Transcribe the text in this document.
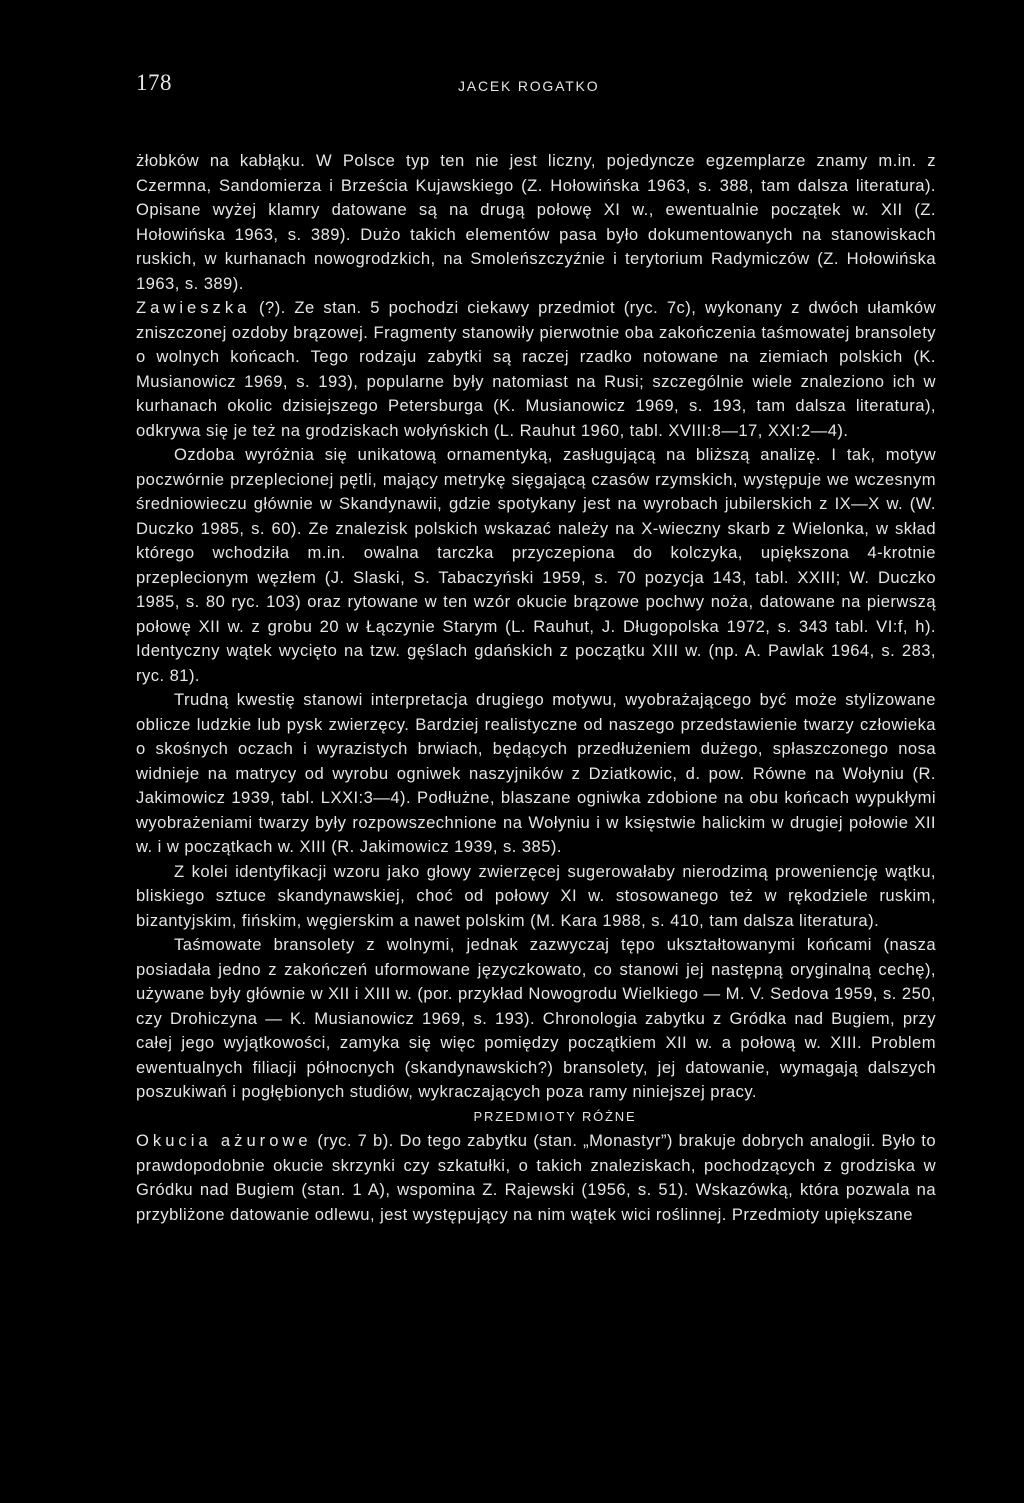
178	JACEK ROGATKO

żłobków na kabłąku. W Polsce typ ten nie jest liczny, pojedyncze egzemplarze znamy m.in. z Czermna, Sandomierza i Brześcia Kujawskiego (Z. Hołowińska 1963, s. 388, tam dalsza literatura). Opisane wyżej klamry datowane są na drugą połowę XI w., ewentualnie początek w. XII (Z. Hołowińska 1963, s. 389). Dużo takich elementów pasa było dokumentowanych na stanowiskach ruskich, w kurhanach nowogrodzkich, na Smoleńszczyźnie i terytorium Radymiczów (Z. Hołowińska 1963, s. 389).

Zawieszka (?). Ze stan. 5 pochodzi ciekawy przedmiot (ryc. 7c), wykonany z dwóch ułamków zniszczonej ozdoby brązowej. Fragmenty stanowiły pierwotnie oba zakończenia taśmowatej bransolety o wolnych końcach. Tego rodzaju zabytki są raczej rzadko notowane na ziemiach polskich (K. Musianowicz 1969, s. 193), popularne były natomiast na Rusi; szczególnie wiele znaleziono ich w kurhanach okolic dzisiejszego Petersburga (K. Musianowicz 1969, s. 193, tam dalsza literatura), odkrywa się je też na grodziskach wołyńskich (L. Rauhut 1960, tabl. XVIII:8—17, XXI:2—4).

Ozdoba wyróżnia się unikatową ornamentyką, zasługującą na bliższą analizę. I tak, motyw poczwórnie przeplecionej pętli, mający metrykę sięgającą czasów rzymskich, występuje we wczesnym średniowieczu głównie w Skandynawii, gdzie spotykany jest na wyrobach jubilerskich z IX—X w. (W. Duczko 1985, s. 60). Ze znalezisk polskich wskazać należy na X-wieczny skarb z Wielonka, w skład którego wchodziła m.in. owalna tarczka przyczepiona do kolczyka, upiększona 4-krotnie przeplecionym węzłem (J. Slaski, S. Tabaczyński 1959, s. 70 pozycja 143, tabl. XXIII; W. Duczko 1985, s. 80 ryc. 103) oraz rytowane w ten wzór okucie brązowe pochwy noża, datowane na pierwszą połowę XII w. z grobu 20 w Łączynie Starym (L. Rauhut, J. Długopolska 1972, s. 343 tabl. VI:f, h). Identyczny wątek wycięto na tzw. gęślach gdańskich z początku XIII w. (np. A. Pawlak 1964, s. 283, ryc. 81).

Trudną kwestię stanowi interpretacja drugiego motywu, wyobrażającego być może stylizowane oblicze ludzkie lub pysk zwierzęcy. Bardziej realistyczne od naszego przedstawienie twarzy człowieka o skośnych oczach i wyrazistych brwiach, będących przedłużeniem dużego, spłaszczonego nosa widnieje na matrycy od wyrobu ogniwek naszyjników z Dziatkowic, d. pow. Równe na Wołyniu (R. Jakimowicz 1939, tabl. LXXI:3—4). Podłużne, blaszane ogniwka zdobione na obu końcach wypukłymi wyobrażeniami twarzy były rozpowszechnione na Wołyniu i w księstwie halickim w drugiej połowie XII w. i w początkach w. XIII (R. Jakimowicz 1939, s. 385).

Z kolei identyfikacji wzoru jako głowy zwierzęcej sugerowałaby nierodzimą proweniencję wątku, bliskiego sztuce skandynawskiej, choć od połowy XI w. stosowanego też w rękodziele ruskim, bizantyjskim, fińskim, węgierskim a nawet polskim (M. Kara 1988, s. 410, tam dalsza literatura).

Taśmowate bransolety z wolnymi, jednak zazwyczaj tępo ukształtowanymi końcami (nasza posiadała jedno z zakończeń uformowane języczkowato, co stanowi jej następną oryginalną cechę), używane były głównie w XII i XIII w. (por. przykład Nowogrodu Wielkiego — M. V. Sedova 1959, s. 250, czy Drohiczyna — K. Musianowicz 1969, s. 193). Chronologia zabytku z Gródka nad Bugiem, przy całej jego wyjątkowości, zamyka się więc pomiędzy początkiem XII w. a połową w. XIII. Problem ewentualnych filiacji północnych (skandynawskich?) bransolety, jej datowanie, wymagają dalszych poszukiwań i pogłębionych studiów, wykraczających poza ramy niniejszej pracy.

PRZEDMIOTY RÓŻNE

Okucia ażurowe (ryc. 7 b). Do tego zabytku (stan. „Monastyr”) brakuje dobrych analogii. Było to prawdopodobnie okucie skrzynki czy szkatułki, o takich znaleziskach, pochodzących z grodziska w Gródku nad Bugiem (stan. 1 A), wspomina Z. Rajewski (1956, s. 51). Wskazówką, która pozwala na przybliżone datowanie odlewu, jest występujący na nim wątek wici roślinnej. Przedmioty upiększane
